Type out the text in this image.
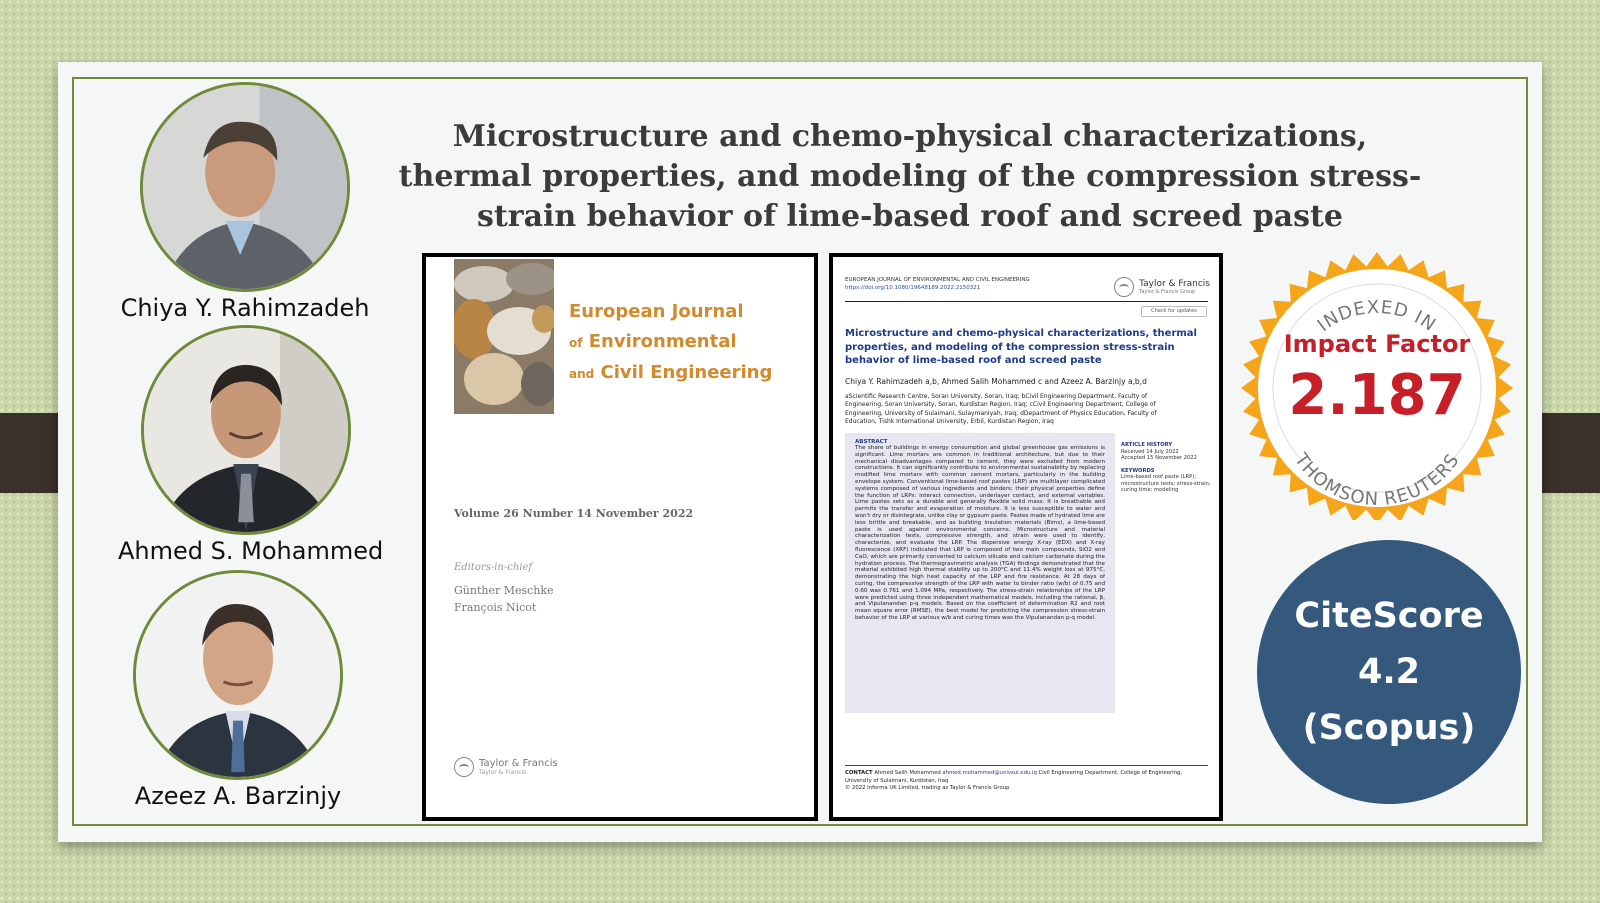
Chiya Y. Rahimzadeh
Ahmed S. Mohammed
Azeez A. Barzinjy
Microstructure and chemo-physical characterizations, thermal properties, and modeling of the compression stress-strain behavior of lime-based roof and screed paste
European Journal
of Environmental
and Civil Engineering
Volume 26 Number 14 November 2022
Editors-in-chief
Günther Meschke
François Nicot
Taylor & Francis
Taylor & Francis
EUROPEAN JOURNAL OF ENVIRONMENTAL AND CIVIL ENGINEERING
https://doi.org/10.1080/19648189.2022.2150321	Taylor & Francis
Taylor & Francis Group
Check for updates
Microstructure and chemo-physical characterizations, thermal properties, and modeling of the compression stress-strain behavior of lime-based roof and screed paste
Chiya Y. Rahimzadeh a,b, Ahmed Salih Mohammed c and Azeez A. Barzinjy a,b,d
aScientific Research Centre, Soran University, Soran, Iraq; bCivil Engineering Department, Faculty of Engineering, Soran University, Soran, Kurdistan Region, Iraq; cCivil Engineering Department, College of Engineering, University of Sulaimani, Sulaymaniyah, Iraq; dDepartment of Physics Education, Faculty of Education, Tishk International University, Erbil, Kurdistan Region, Iraq
ABSTRACT
The share of buildings in energy consumption and global greenhouse gas emissions is significant. Lime mortars are common in traditional architecture, but due to their mechanical disadvantages compared to cement, they were excluded from modern constructions. It can significantly contribute to environmental sustainability by replacing modified lime mortars with common cement mortars, particularly in the building envelope system. Conventional lime-based roof pastes (LRP) are multilayer complicated systems composed of various ingredients and binders; their physical properties define the function of LRPs: interact connection, underlayer contact, and external variables. Lime pastes sets as a durable and generally flexible solid mass. It is breathable and permits the transfer and evaporation of moisture. It is less susceptible to water and won't dry or disintegrate, unlike clay or gypsum paste. Pastes made of hydrated lime are less brittle and breakable, and as building insulation materials (Bims), a lime-based paste is used against environmental concerns. Microstructure and material characterization tests, compressive strength, and strain were used to identify, characterize, and evaluate the LRP. The dispersive energy X-ray (EDX) and X-ray fluorescence (XRF) indicated that LRP is composed of two main compounds, SiO2 and CaO, which are primarily converted to calcium silicate and calcium carbonate during the hydration process. The thermogravimetric analysis (TGA) findings demonstrated that the material exhibited high thermal stability up to 200°C and 11.4% weight loss at 975°C, demonstrating the high heat capacity of the LRP and fire resistance. At 28 days of curing, the compressive strength of the LRP with water to binder ratio (w/b) of 0.75 and 0.60 was 0.761 and 1.094 MPa, respectively. The stress-strain relationships of the LRP were predicted using three independent mathematical models, including the rational, β, and Vipulanandan p-q models. Based on the coefficient of determination R2 and root mean square error (RMSE), the best model for predicting the compression stress-strain behavior of the LRP at various w/b and curing times was the Vipulanandan p-q model.
ARTICLE HISTORY
Received 14 July 2022
Accepted 15 November 2022
KEYWORDS
Lime-based roof paste (LRP); microstructure tests; stress-strain; curing time; modeling
CONTACT Ahmed Salih Mohammed ahmed.mohammed@univsul.edu.iq Civil Engineering Department, College of Engineering, University of Sulaimani, Kurdistan, Iraq
© 2022 Informa UK Limited, trading as Taylor & Francis Group
INDEXED IN
THOMSON REUTERS
Impact Factor
2.187
CiteScore
4.2
(Scopus)
